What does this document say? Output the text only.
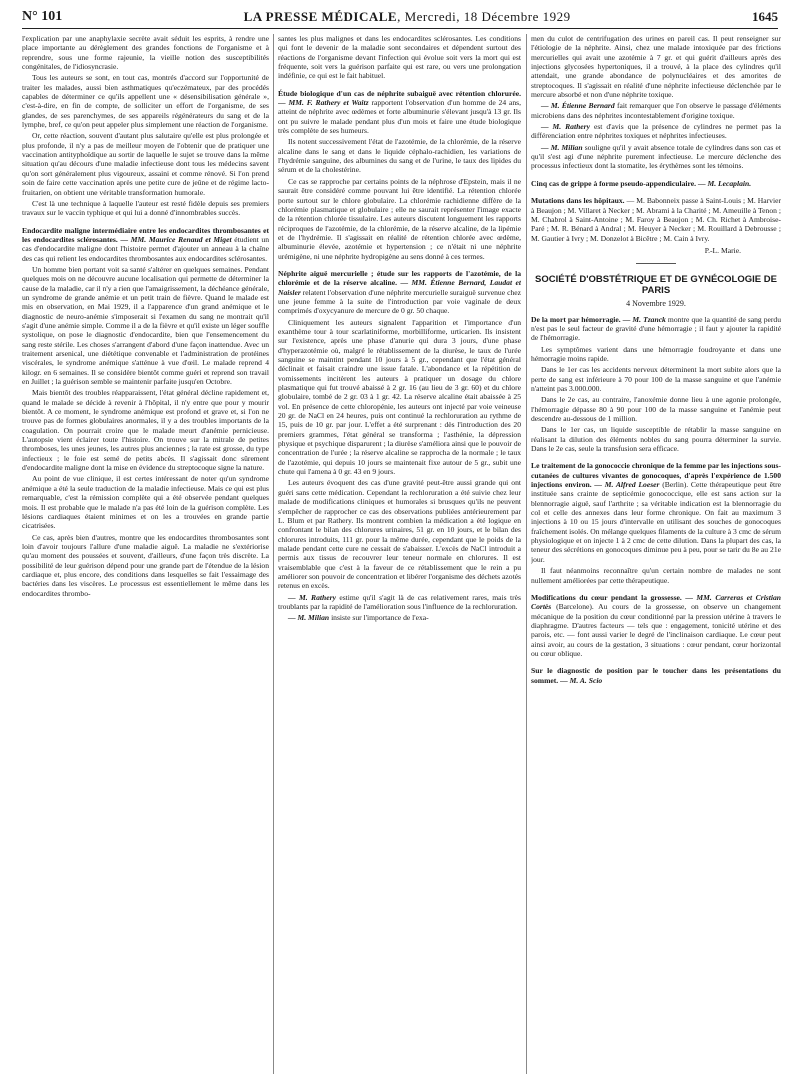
N° 101	LA PRESSE MÉDICALE, Mercredi, 18 Décembre 1929	1645

l'explication par une anaphylaxie secrète avait séduit les esprits, à rendre une place importante au dérèglement des grandes fonctions de l'organisme et à reprendre, sous une forme rajeunie, la vieille notion des susceptibilités congénitales, de l'idiosyncrasie.

Tous les auteurs se sont, en tout cas, montrés d'accord sur l'opportunité de traiter les malades, aussi bien asthmatiques qu'eczémateux, par des procédés capables de déterminer ce qu'ils appellent une « désensibilisation générale », c'est-à-dire, en fin de compte, de solliciter un effort de l'organisme, de ses glandes, de ses parenchymes, de ses appareils régénérateurs du sang et de la lymphe, bref, ce qu'on peut appeler plus simplement une réaction de l'organisme.

Or, cette réaction, souvent d'autant plus salutaire qu'elle est plus prolongée et plus profonde, il n'y a pas de meilleur moyen de l'obtenir que de pratiquer une vaccination antityphoïdique au sortir de laquelle le sujet se trouve dans la même situation qu'au décours d'une maladie infectieuse dont tous les médecins savent qu'on sort généralement plus vigoureux, assaini et comme rénové. Si l'on prend soin de faire cette vaccination après une petite cure de jeûne et de régime lacto-fruitarien, on obtient une véritable transformation humorale.

C'est là une technique à laquelle l'auteur est resté fidèle depuis ses premiers travaux sur le vaccin typhique et qui lui a donné d'innombrables succès.

Endocardite maligne intermédiaire entre les endocardites thrombosantes et les endocardites sclérosantes. — MM. Maurice Renaud et Miget étudient un cas d'endocardite maligne dont l'histoire permet d'ajouter un anneau à la chaîne des cas qui relient les endocardites thrombosantes aux endocardites sclérosantes.

Un homme bien portant voit sa santé s'altérer en quelques semaines. Pendant quelques mois on ne découvre aucune localisation qui permette de déterminer la cause de la maladie, car il n'y a rien que l'amaigrissement, la déchéance générale, un syndrome de grande anémie et un petit train de fièvre. Quand le malade est mis en observation, en Mai 1929, il a l'apparence d'un grand anémique et le diagnostic de neuro-anémie s'imposerait si l'examen du sang ne montrait qu'il s'agit d'une anémie simple. Comme il a de la fièvre et qu'il existe un léger souffle systolique, on pose le diagnostic d'endocardite, bien que l'ensemencement du sang reste stérile. Les choses s'arrangent d'abord d'une façon inattendue. Avec un traitement arsenical, une diététique convenable et l'administration de protéines viscérales, le syndrome anémique s'atténue à vue d'œil. Le malade reprend 4 kilogr. en 6 semaines. Il se considère bientôt comme guéri et reprend son travail en Juillet ; la guérison semble se maintenir parfaite jusqu'en Octobre.

Mais bientôt des troubles réapparaissent, l'état général décline rapidement et, quand le malade se décide à revenir à l'hôpital, il n'y entre que pour y mourir bientôt. A ce moment, le syndrome anémique est profond et grave et, si l'on ne trouve pas de formes globulaires anormales, il y a des troubles importants de la coagulation. On pourrait croire que le malade meurt d'anémie pernicieuse. L'autopsie vient éclairer toute l'histoire. On trouve sur la mitrale de petites thromboses, les unes jeunes, les autres plus anciennes ; la rate est grosse, du type infectieux ; le foie est semé de petits abcès. Il s'agissait donc sûrement d'endocardite maligne dont la mise en évidence du streptocoque signe la nature.

Au point de vue clinique, il est certes intéressant de noter qu'un syndrome anémique a été la seule traduction de la maladie infectieuse. Mais ce qui est plus remarquable, c'est la rémission complète qui a été observée pendant quelques mois. Il est probable que le malade n'a pas été loin de la guérison complète. Les lésions cardiaques étaient minimes et on les a trouvées en grande partie cicatrisées.

Ce cas, après bien d'autres, montre que les endocardites thrombosantes sont loin d'avoir toujours l'allure d'une maladie aiguë. La maladie ne s'extériorise qu'au moment des poussées et souvent, d'ailleurs, d'une façon très discrète. La possibilité de leur guérison dépend pour une grande part de l'étendue de la lésion cardiaque et, plus encore, des conditions dans lesquelles se fait l'essaimage des bactéries dans les viscères. Le processus est essentiellement le même dans les endocardites thrombo-

santes les plus malignes et dans les endocardites sclérosantes. Les conditions qui font le devenir de la maladie sont secondaires et dépendent surtout des réactions de l'organisme devant l'infection qui évolue soit vers la mort qui est fréquente, soit vers la guérison parfaite qui est rare, ou vers une prolongation indéfinie, ce qui est le fait habituel.

Étude biologique d'un cas de néphrite subaiguë avec rétention chlorurée. — MM. F. Rathery et Waitz rapportent l'observation d'un homme de 24 ans, atteint de néphrite avec œdèmes et forte albuminurie s'élevant jusqu'à 13 gr. Ils ont pu suivre le malade pendant plus d'un mois et faire une étude biologique très complète de ses humeurs.

Ils notent successivement l'état de l'azotémie, de la chlorémie, de la réserve alcaline dans le sang et dans le liquide céphalo-rachidien, les variations de l'hydrémie sanguine, des albumines du sang et de l'urine, le taux des lipides du sérum et de la cholestérine.

Ce cas se rapproche par certains points de la néphrose d'Epstein, mais il ne saurait être considéré comme pouvant lui être identifié. La rétention chlorée porte surtout sur le chlore globulaire. La chlorémie rachidienne diffère de la chlorémie plasmatique et globulaire ; elle ne saurait représenter l'image exacte de la rétention chlorée tissulaire. Les auteurs discutent longuement les rapports réciproques de l'azotémie, de la chlorémie, de la réserve alcaline, de la lipémie et de l'hydrémie. Il s'agissait en réalité de rétention chlorée avec œdème, albuminurie élevée, azotémie et hypertension ; ce n'était ni une néphrite urémigène, ni une néphrite hydropigène au sens donné à ces termes.

Néphrite aiguë mercurielle ; étude sur les rapports de l'azotémie, de la chlorémie et de la réserve alcaline. — MM. Étienne Bernard, Laudat et Naisler relatent l'observation d'une néphrite mercurielle suraiguë survenue chez une jeune femme à la suite de l'introduction par voie vaginale de deux comprimés d'oxycyanure de mercure de 0 gr. 50 chaque.

Cliniquement les auteurs signalent l'apparition et l'importance d'un exanthème tour à tour scarlatiniforme, morbilliforme, urticarien. Ils insistent sur l'existence, après une phase d'anurie qui dura 3 jours, d'une phase d'hyperazotémie où, malgré le rétablissement de la diurèse, le taux de l'urée sanguine se maintint pendant 10 jours à 5 gr., cependant que l'état général déclinait et faisait craindre une issue fatale. L'abondance et la répétition de vomissements incitèrent les auteurs à pratiquer un dosage du chlore plasmatique qui fut trouvé abaissé à 2 gr. 16 (au lieu de 3 gr. 60) et du chlore globulaire, tombé de 2 gr. 03 à 1 gr. 42. La réserve alcaline était abaissée à 25 vol. En présence de cette chloropénie, les auteurs ont injecté par voie veineuse 20 gr. de NaCl en 24 heures, puis ont continué la rechloruration au rythme de 15, puis de 10 gr. par jour. L'effet a été surprenant : dès l'introduction des 20 premiers grammes, l'état général se transforma ; l'asthénie, la dépression physique et psychique disparurent ; la diurèse s'améliora ainsi que le pouvoir de concentration de l'urée ; la réserve alcaline se rapprocha de la normale ; le taux de l'azotémie, qui depuis 10 jours se maintenait fixe autour de 5 gr., subit une chute qui l'amena à 0 gr. 43 en 9 jours.

Les auteurs évoquent des cas d'une gravité peut-être aussi grande qui ont guéri sans cette médication. Cependant la rechloruration a été suivie chez leur malade de modifications cliniques et humorales si brusques qu'ils ne peuvent s'empêcher de rapprocher ce cas des observations publiées antérieurement par L. Blum et par Rathery. Ils montrent combien la médication a été logique en confrontant le bilan des chlorures urinaires, 51 gr. en 10 jours, et le bilan des chlorures introduits, 111 gr. pour la même durée, cependant que le poids de la malade pendant cette cure ne cessait de s'abaisser. L'excès de NaCl introduit a permis aux tissus de recouvrer leur teneur normale en chlorures. Il est vraisemblable que c'est à la faveur de ce rétablissement que le rein a pu améliorer son pouvoir de concentration et libérer l'organisme des déchets azotés retenus en excès.

— M. Rathery estime qu'il s'agit là de cas relativement rares, mais très troublants par la rapidité de l'amélioration sous l'influence de la rechloruration.

— M. Milian insiste sur l'importance de l'exa-

men du culot de centrifugation des urines en pareil cas. Il peut renseigner sur l'étiologie de la néphrite. Ainsi, chez une malade intoxiquée par des frictions mercurielles qui avait une azotémie à 7 gr. et qui guérit d'ailleurs après des injections glycosées hypertoniques, il a trouvé, à la place des cylindres qu'il attendait, une grande abondance de polynucléaires et des amorites de streptocoques. Il s'agissait en réalité d'une néphrite infectieuse déclenchée par le mercure absorbé et non d'une néphrite toxique.

— M. Étienne Bernard fait remarquer que l'on observe le passage d'éléments microbiens dans des néphrites incontestablement d'origine toxique.

— M. Rathery est d'avis que la présence de cylindres ne permet pas la différenciation entre néphrites toxiques et néphrites infectieuses.

— M. Milian souligne qu'il y avait absence totale de cylindres dans son cas et qu'il s'est agi d'une néphrite purement infectieuse. Le mercure déclenche des processus infectieux dont la stomatite, les érythèmes sont les témoins.

Cinq cas de grippe à forme pseudo-appendiculaire. — M. Lecaplain.

Mutations dans les hôpitaux. — M. Babonneix passe à Saint-Louis ; M. Harvier à Beaujon ; M. Villaret à Necker ; M. Abrami à la Charité ; M. Ameuille à Tenon ; M. Chabrol à Saint-Antoine ; M. Faroy à Beaujon ; M. Ch. Richet à Ambroise-Paré ; M. R. Bénard à Andral ; M. Heuyer à Necker ; M. Rouillard à Debrousse ; M. Gautier à Ivry ; M. Donzelot à Bicêtre ; M. Cain à Ivry.

P.-L. Marie.

SOCIÉTÉ D'OBSTÉTRIQUE ET DE GYNÉCOLOGIE DE PARIS
4 Novembre 1929.

De la mort par hémorragie. — M. Tzanck montre que la quantité de sang perdu n'est pas le seul facteur de gravité d'une hémorragie ; il faut y ajouter la rapidité de l'hémorragie.

Les symptômes varient dans une hémorragie foudroyante et dans une hémorragie moins rapide.

Dans le 1er cas les accidents nerveux déterminent la mort subite alors que la perte de sang est inférieure à 70 pour 100 de la masse sanguine et que l'anémie n'atteint pas 3.000.000.

Dans le 2e cas, au contraire, l'anoxémie donne lieu à une agonie prolongée, l'hémorragie dépasse 80 à 90 pour 100 de la masse sanguine et l'anémie peut descendre au-dessous de 1 million.

Dans le 1er cas, un liquide susceptible de rétablir la masse sanguine en réalisant la dilution des éléments nobles du sang pourra déterminer la survie. Dans le 2e cas, seule la transfusion sera efficace.

Le traitement de la gonococcie chronique de la femme par les injections sous-cutanées de cultures vivantes de gonocoques, d'après l'expérience de 1.500 injections environ. — M. Alfred Loeser (Berlin). Cette thérapeutique peut être instituée sans crainte de septicémie gonococcique, elle est sans action sur la blennorragie aiguë, sauf l'arthrite ; sa véritable indication est la blennorragie du col et celle des annexes dans leur forme chronique. On fait au maximum 3 injections à 10 ou 15 jours d'intervalle en utilisant des souches de gonocoques fraîchement isolés. On mélange quelques filaments de la culture à 3 cmc de sérum physiologique et on injecte 1 à 2 cmc de cette dilution. Dans la plupart des cas, la teneur des sécrétions en gonocoques diminue peu à peu, pour se tarir du 8e au 21e jour.

Il faut néanmoins reconnaître qu'un certain nombre de malades ne sont nullement améliorées par cette thérapeutique.

Modifications du cœur pendant la grossesse. — MM. Carreras et Cristian Cortès (Barcelone). Au cours de la grossesse, on observe un changement mécanique de la position du cœur conditionné par la pression utérine à travers le diaphragme. D'autres facteurs — tels que : engagement, tonicité utérine et des parois, etc. — font aussi varier le degré de l'inclinaison cardiaque. Le cœur peut ainsi avoir, au cours de la gestation, 3 situations : cœur pendant, cœur horizontal ou cœur oblique.

Sur le diagnostic de position par le toucher dans les présentations du sommet. — M. A. Scio
